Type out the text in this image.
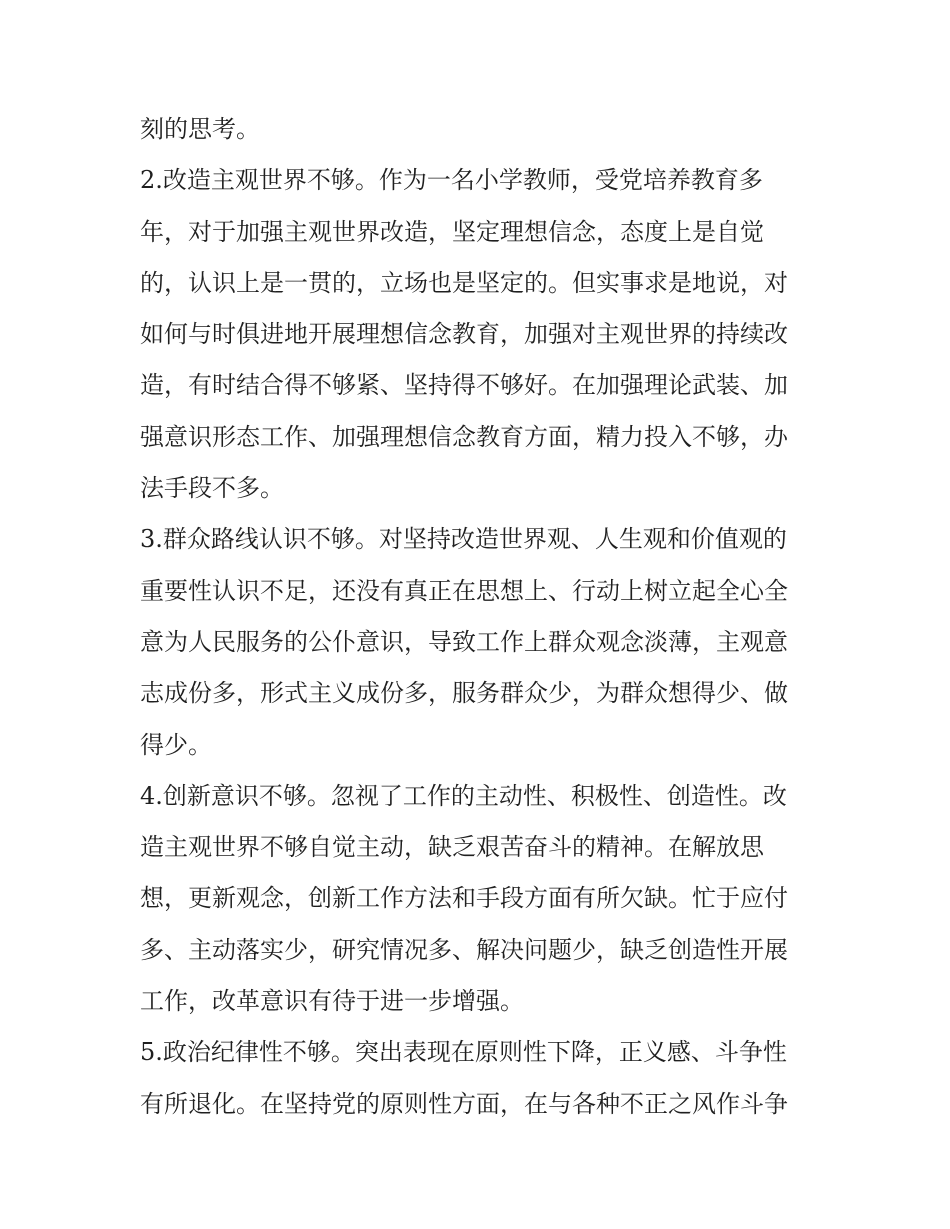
刻的思考。
2.改造主观世界不够。作为一名小学教师，受党培养教育多
年，对于加强主观世界改造，坚定理想信念，态度上是自觉
的，认识上是一贯的，立场也是坚定的。但实事求是地说，对
如何与时俱进地开展理想信念教育，加强对主观世界的持续改
造，有时结合得不够紧、坚持得不够好。在加强理论武装、加
强意识形态工作、加强理想信念教育方面，精力投入不够，办
法手段不多。
3.群众路线认识不够。对坚持改造世界观、人生观和价值观的
重要性认识不足，还没有真正在思想上、行动上树立起全心全
意为人民服务的公仆意识，导致工作上群众观念淡薄，主观意
志成份多，形式主义成份多，服务群众少，为群众想得少、做
得少。
4.创新意识不够。忽视了工作的主动性、积极性、创造性。改
造主观世界不够自觉主动，缺乏艰苦奋斗的精神。在解放思
想，更新观念，创新工作方法和手段方面有所欠缺。忙于应付
多、主动落实少，研究情况多、解决问题少，缺乏创造性开展
工作，改革意识有待于进一步增强。
5.政治纪律性不够。突出表现在原则性下降，正义感、斗争性
有所退化。在坚持党的原则性方面，在与各种不正之风作斗争
